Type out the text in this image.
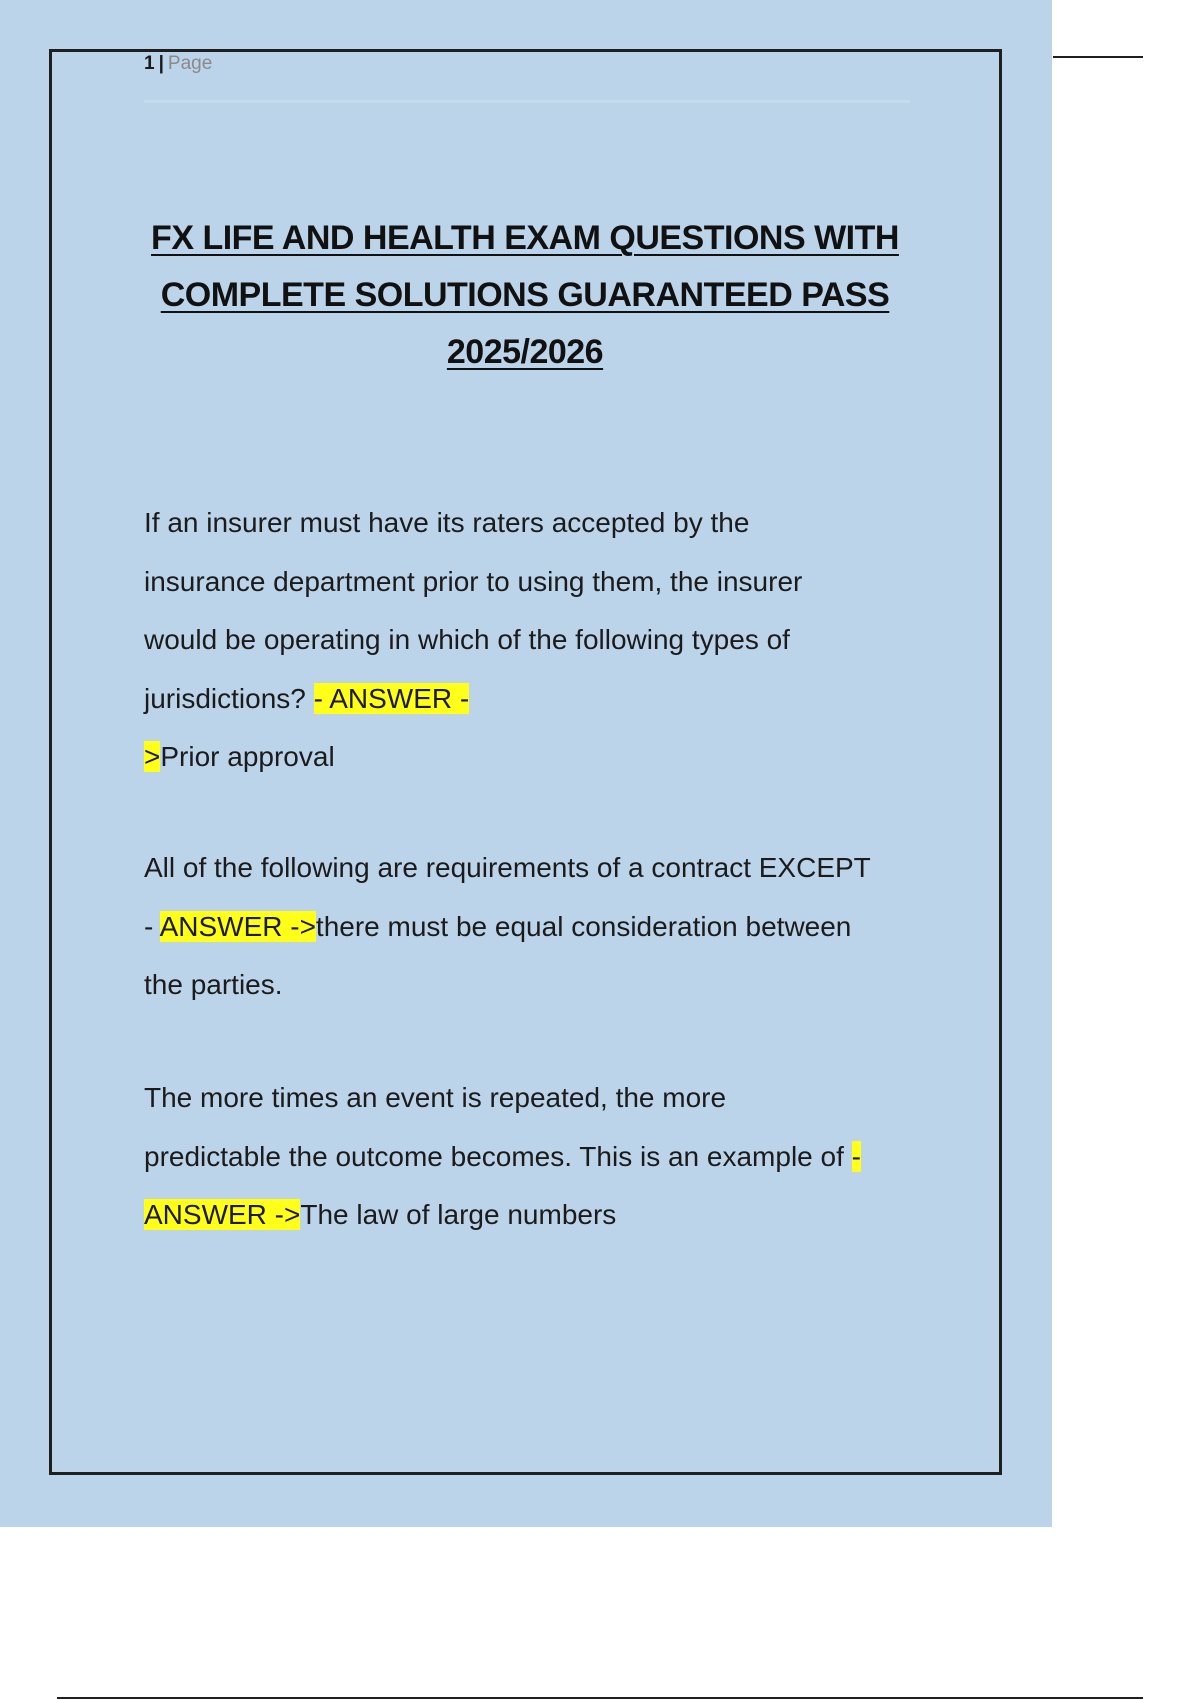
1 | Page
FX LIFE AND HEALTH EXAM QUESTIONS WITH
COMPLETE SOLUTIONS GUARANTEED PASS
2025/2026
If an insurer must have its raters accepted by the
insurance department prior to using them, the insurer
would be operating in which of the following types of
jurisdictions? - ANSWER -
>Prior approval
All of the following are requirements of a contract EXCEPT
- ANSWER ->there must be equal consideration between
the parties.
The more times an event is repeated, the more
predictable the outcome becomes. This is an example of -
ANSWER ->The law of large numbers
